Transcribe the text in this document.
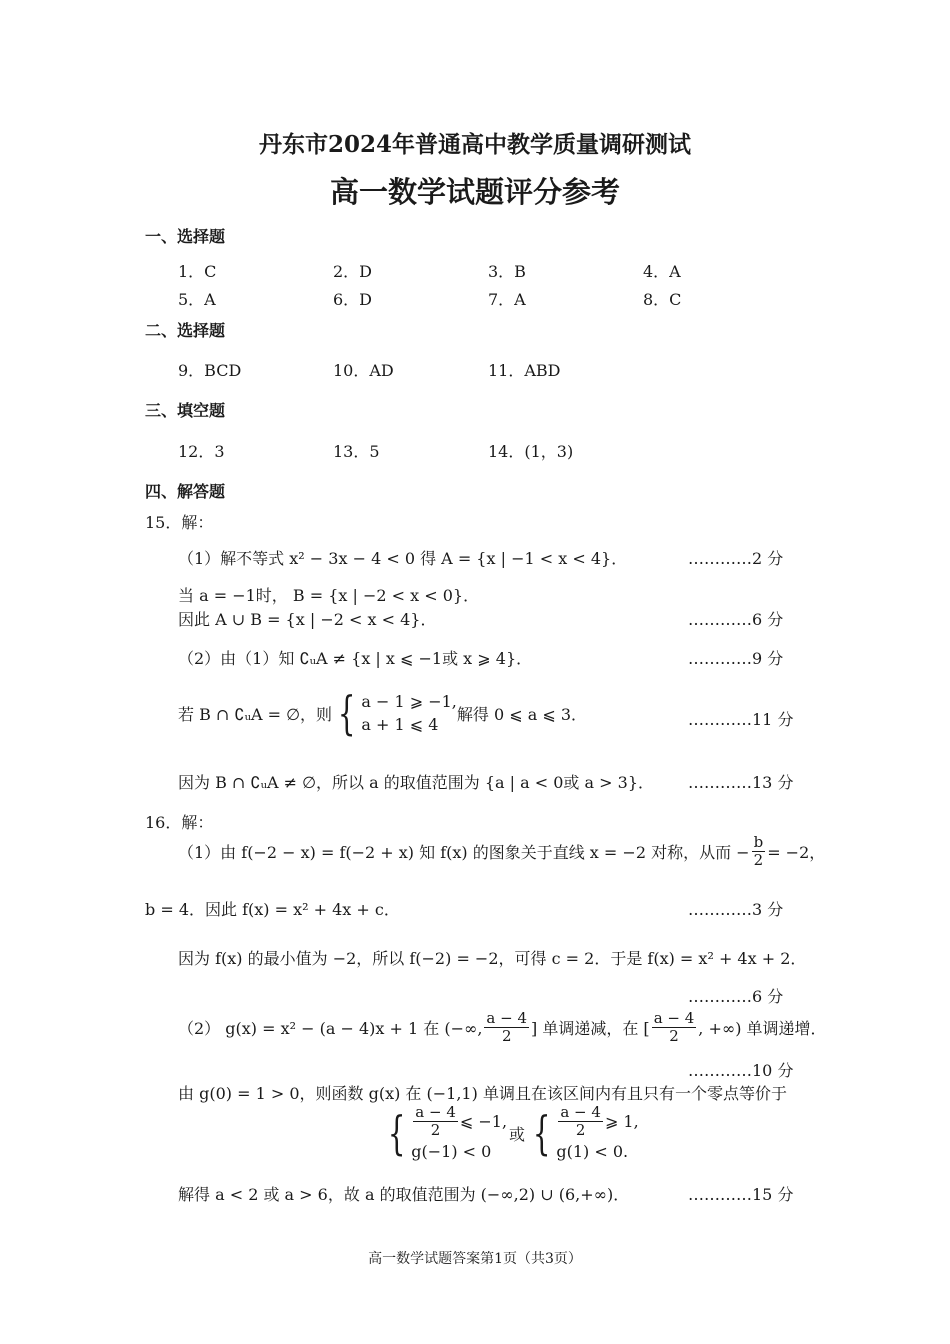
丹东市2024年普通高中教学质量调研测试
高一数学试题评分参考
一、选择题
1．C	2．D	3．B	4．A
5．A	6．D	7．A	8．C
二、选择题
9．BCD	10．AD	11．ABD
三、填空题
12．3	13．5	14．(1，3)
四、解答题
15．解：
（1）解不等式 x² − 3x − 4 < 0 得 A = {x | −1 < x < 4}．	…………2 分
当 a = −1时， B = {x | −2 < x < 0}．
因此 A ∪ B = {x | −2 < x < 4}．	…………6 分
（2）由（1）知 ∁ᵤA ≠ {x | x ⩽ −1或 x ⩾ 4}．	…………9 分
若 B ∩ ∁ᵤA = ∅，则 { a − 1 ⩾ −1,
a + 1 ⩽ 4
解得 0 ⩽ a ⩽ 3．	…………11 分
因为 B ∩ ∁ᵤA ≠ ∅，所以 a 的取值范围为 {a | a < 0或 a > 3}． …………13 分
16．解：
（1）由 f(−2 − x) = f(−2 + x) 知 f(x) 的图象关于直线 x = −2 对称，从而 − $\frac{b}{2} = -2$，
b = 4．因此 f(x) = x² + 4x + c．	…………3 分
因为 f(x) 的最小值为 −2，所以 f(−2) = −2，可得 c = 2．于是 f(x) = x² + 4x + 2．
…………6 分
（2） g(x) = x² − (a − 4)x + 1 在 (−∞, $\frac{a - 4}{2}$ ] 单调递减，在 [ $\frac{a - 4}{2}$ , +∞) 单调递增．
…………10 分
由 g(0) = 1 > 0，则函数 g(x) 在 (−1,1) 单调且在该区间内有且只有一个零点等价于
{ $\frac{a - 4}{2}$ ⩽ −1,
g(−1) < 0
或 { $\frac{a - 4}{2}$ ⩾ 1,
g(1) < 0.
解得 a < 2 或 a > 6，故 a 的取值范围为 (−∞,2) ∪ (6,+∞)．	…………15 分
高一数学试题答案第1页（共3页）
